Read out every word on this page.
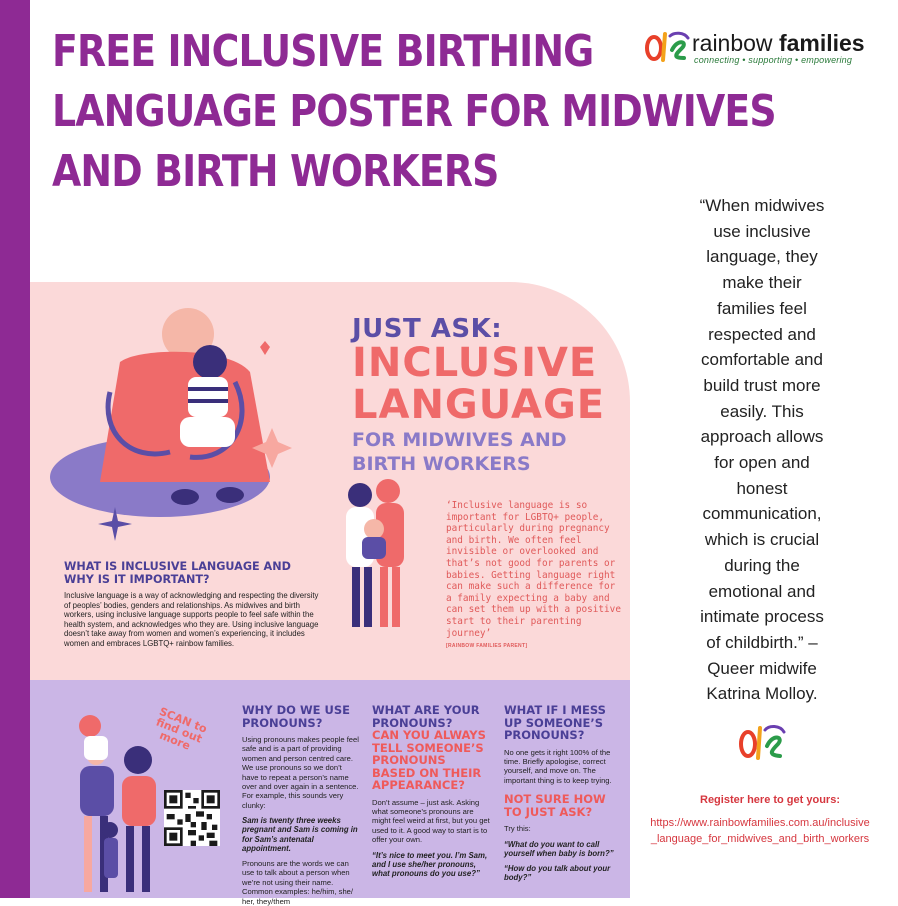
FREE INCLUSIVE BIRTHING
LANGUAGE POSTER FOR MIDWIVES
AND BIRTH WORKERS
rainbow families
connecting • supporting • empowering
“When midwives
use inclusive
language, they
make their
families feel
respected and
comfortable and
build trust more
easily. This
approach allows
for open and
honest
communication,
which is crucial
during the
emotional and
intimate process
of childbirth.” –
Queer midwife
Katrina Molloy.
Register here to get yours:
https://www.rainbowfamilies.com.au/inclusive
_language_for_midwives_and_birth_workers
JUST ASK:
INCLUSIVE
LANGUAGE
FOR MIDWIVES AND
BIRTH WORKERS
‘Inclusive language is so important for LGBTQ+ people, particularly during pregnancy and birth. We often feel invisible or overlooked and that’s not good for parents or babies. Getting language right can make such a difference for a family expecting a baby and can set them up with a positive start to their parenting journey’
[RAINBOW FAMILIES PARENT]
WHAT IS INCLUSIVE LANGUAGE AND WHY IS IT IMPORTANT?
Inclusive language is a way of acknowledging and respecting the diversity of peoples’ bodies, genders and relationships. As midwives and birth workers, using inclusive language supports people to feel safe within the health system, and acknowledges who they are. Using inclusive language doesn’t take away from women and women’s experiencing, it includes women and embraces LGBTQ+ rainbow families.
SCAN to find out more
WHY DO WE USE PRONOUNS?
Using pronouns makes people feel safe and is a part of providing women and person centred care. We use pronouns so we don’t have to repeat a person’s name over and over again in a sentence. For example, this sounds very clunky:
Sam is twenty three weeks pregnant and Sam is coming in for Sam’s antenatal appointment.
Pronouns are the words we can use to talk about a person when we’re not using their name. Common examples: he/him, she/ her, they/them
WHAT ARE YOUR PRONOUNS?
CAN YOU ALWAYS TELL SOMEONE’S PRONOUNS BASED ON THEIR APPEARANCE?
Don’t assume – just ask. Asking what someone’s pronouns are might feel weird at first, but you get used to it. A good way to start is to offer your own.
“It’s nice to meet you. I’m Sam, and I use she/her pronouns, what pronouns do you use?”
WHAT IF I MESS UP SOMEONE’S PRONOUNS?
No one gets it right 100% of the time. Briefly apologise, correct yourself, and move on. The important thing is to keep trying.
NOT SURE HOW TO JUST ASK?
Try this:
“What do you want to call yourself when baby is born?”
“How do you talk about your body?”
